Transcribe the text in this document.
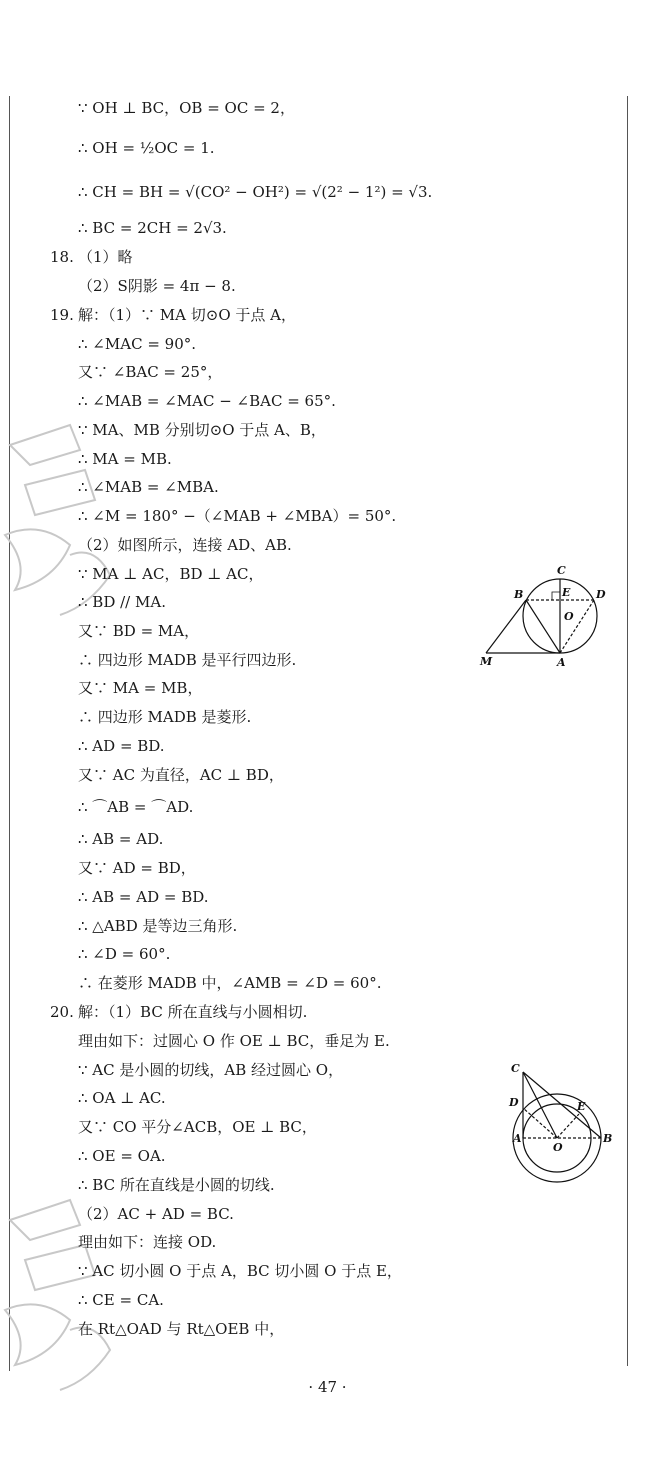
∵ OH ⊥ BC，OB = OC = 2，
∴ OH = ½OC = 1.
∴ CH = BH = √(CO² − OH²) = √(2² − 1²) = √3.
∴ BC = 2CH = 2√3.
18. （1）略
（2）S阴影 = 4π − 8.
19. 解：（1）∵ MA 切⊙O 于点 A，
∴ ∠MAC = 90°.
又∵ ∠BAC = 25°，
∴ ∠MAB = ∠MAC − ∠BAC = 65°.
∵ MA、MB 分别切⊙O 于点 A、B，
∴ MA = MB.
∴ ∠MAB = ∠MBA.
∴ ∠M = 180° −（∠MAB + ∠MBA）= 50°.
（2）如图所示，连接 AD、AB.
∵ MA ⊥ AC，BD ⊥ AC，
∴ BD // MA.
又∵ BD = MA，
∴ 四边形 MADB 是平行四边形.
又∵ MA = MB，
∴ 四边形 MADB 是菱形.
∴ AD = BD.
又∵ AC 为直径，AC ⊥ BD，
∴ ⌒AB = ⌒AD.
∴ AB = AD.
又∵ AD = BD，
∴ AB = AD = BD.
∴ △ABD 是等边三角形.
∴ ∠D = 60°.
∴ 在菱形 MADB 中，∠AMB = ∠D = 60°.
20. 解：（1）BC 所在直线与小圆相切.
理由如下：过圆心 O 作 OE ⊥ BC，垂足为 E.
∵ AC 是小圆的切线，AB 经过圆心 O，
∴ OA ⊥ AC.
又∵ CO 平分∠ACB，OE ⊥ BC，
∴ OE = OA.
∴ BC 所在直线是小圆的切线.
（2）AC + AD = BC.
理由如下：连接 OD.
∵ AC 切小圆 O 于点 A，BC 切小圆 O 于点 E，
∴ CE = CA.
在 Rt△OAD 与 Rt△OEB 中，
C
B	E D
O
M	A
C
D	E
A
O
B
· 47 ·
